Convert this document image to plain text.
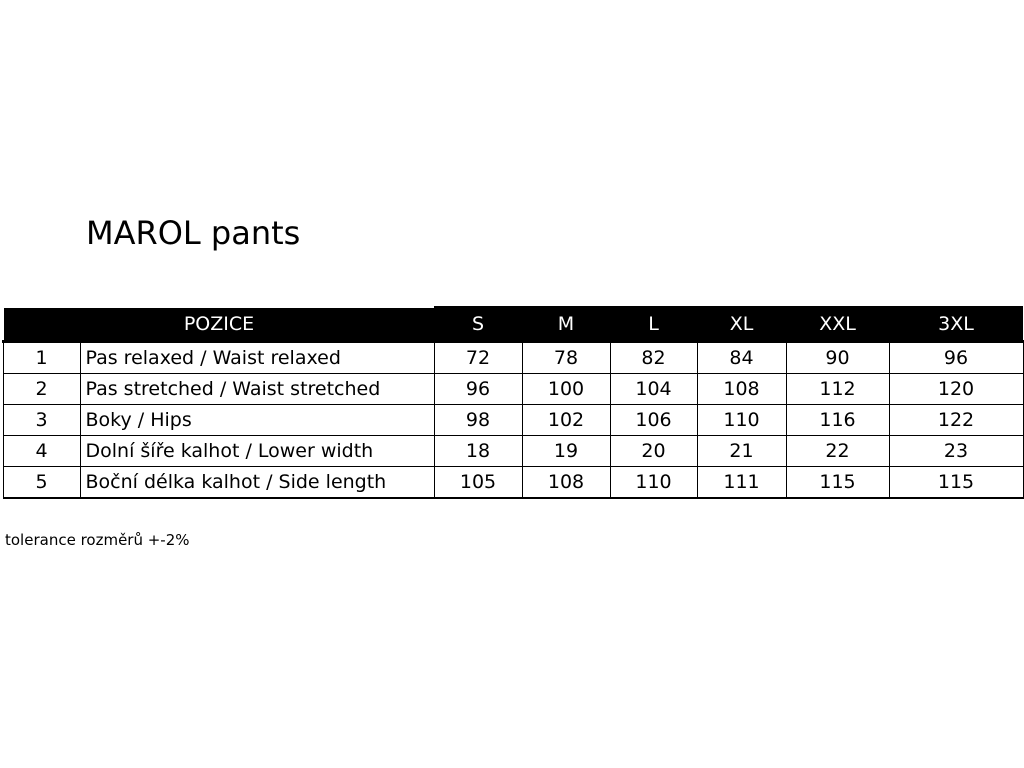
MAROL pants
POZICE		S	M	L	XL	XXL	3XL
1	Pas relaxed / Waist relaxed	72	78	82	84	90	96
2	Pas stretched / Waist stretched	96	100	104	108	112	120
3	Boky / Hips	98	102	106	110	116	122
4	Dolní šíře kalhot / Lower width	18	19	20	21	22	23
5	Boční délka kalhot / Side length	105	108	110	111	115	115
tolerance rozměrů +-2%
